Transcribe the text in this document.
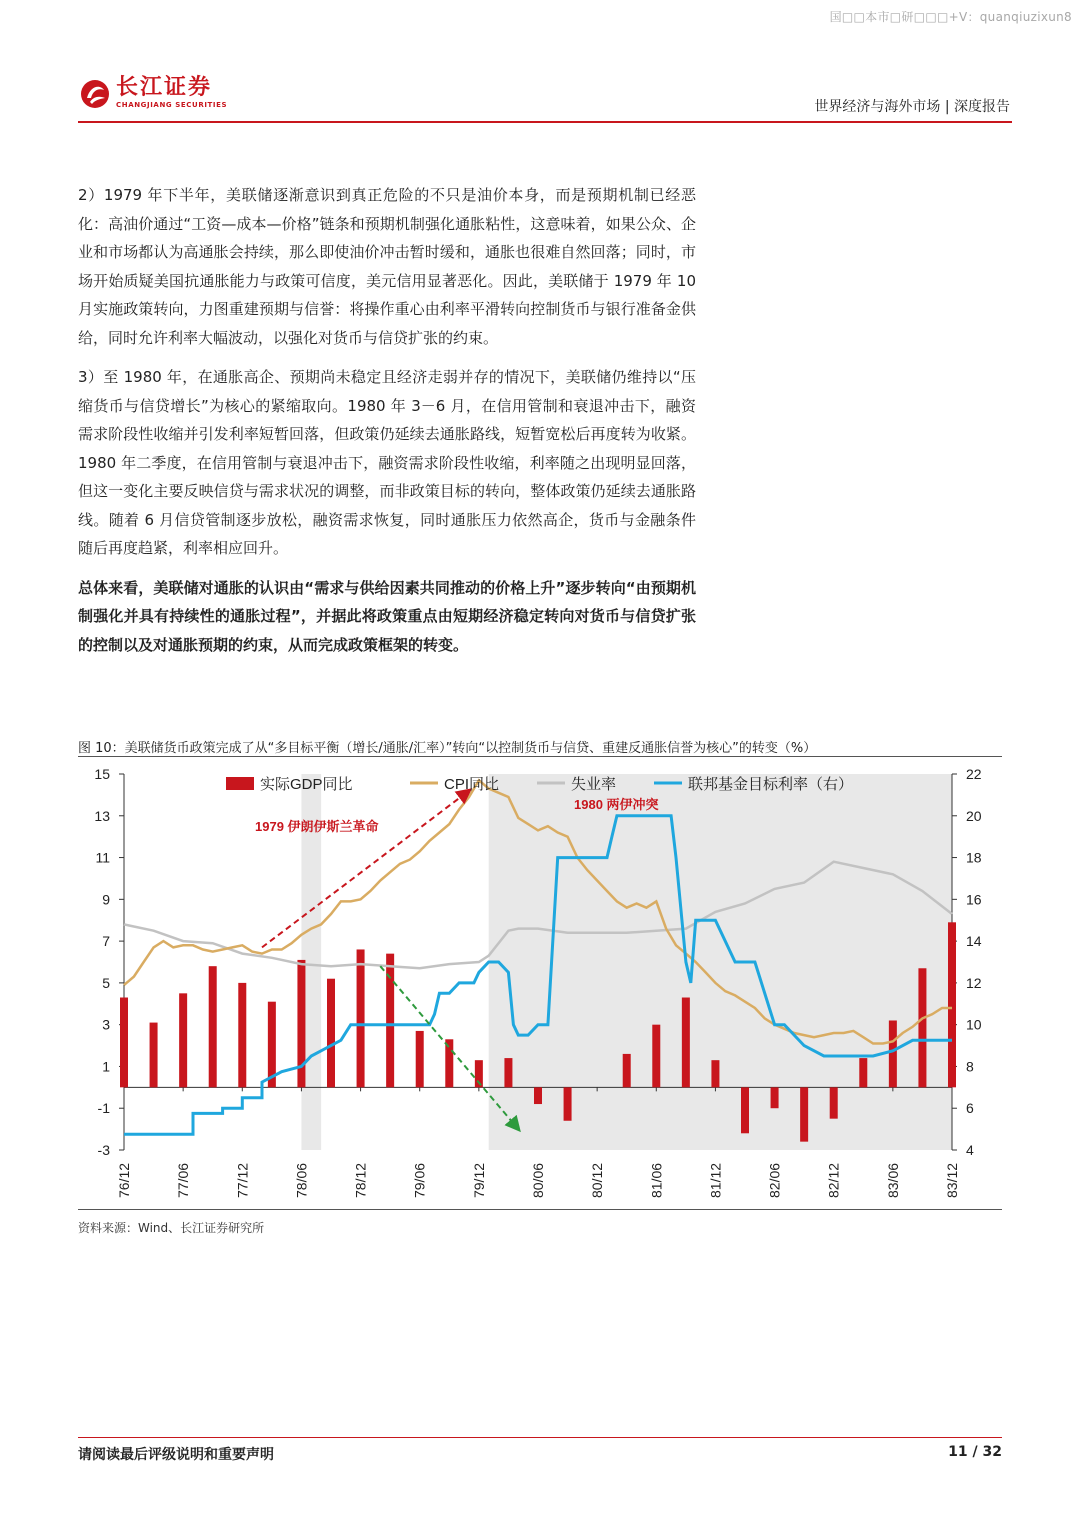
国□□本市□研□□□+V：quanqiuzixun8
长江证券
CHANGJIANG SECURITIES	世界经济与海外市场 | 深度报告

2）1979 年下半年，美联储逐渐意识到真正危险的不只是油价本身，而是预期机制已经恶化：高油价通过“工资—成本—价格”链条和预期机制强化通胀粘性，这意味着，如果公众、企业和市场都认为高通胀会持续，那么即使油价冲击暂时缓和，通胀也很难自然回落；同时，市场开始质疑美国抗通胀能力与政策可信度，美元信用显著恶化。因此，美联储于 1979 年 10 月实施政策转向，力图重建预期与信誉：将操作重心由利率平滑转向控制货币与银行准备金供给，同时允许利率大幅波动，以强化对货币与信贷扩张的约束。

3）至 1980 年，在通胀高企、预期尚未稳定且经济走弱并存的情况下，美联储仍维持以“压缩货币与信贷增长”为核心的紧缩取向。1980 年 3－6 月，在信用管制和衰退冲击下，融资需求阶段性收缩并引发利率短暂回落，但政策仍延续去通胀路线，短暂宽松后再度转为收紧。1980 年二季度，在信用管制与衰退冲击下，融资需求阶段性收缩，利率随之出现明显回落，但这一变化主要反映信贷与需求状况的调整，而非政策目标的转向，整体政策仍延续去通胀路线。随着 6 月信贷管制逐步放松，融资需求恢复，同时通胀压力依然高企，货币与金融条件随后再度趋紧，利率相应回升。

总体来看，美联储对通胀的认识由“需求与供给因素共同推动的价格上升”逐步转向“由预期机制强化并具有持续性的通胀过程”，并据此将政策重点由短期经济稳定转向对货币与信贷扩张的控制以及对通胀预期的约束，从而完成政策框架的转变。

图 10：美联储货币政策完成了从“多目标平衡（增长/通胀/汇率）”转向“以控制货币与信贷、重建反通胀信誉为核心”的转变（%）
15
13
11
9
7
5
3
1
-1
-3
22
20
18
16
14
12
10
8
6
4
76/12	77/06	77/12	78/06	78/12	79/06	79/12	80/06	80/12	81/06	81/12	82/06	82/12	83/06	83/12
1979 伊朗伊斯兰革命
1980 两伊冲突
实际GDP同比	CPI同比	失业率	联邦基金目标利率（右）
资料来源：Wind、长江证券研究所
请阅读最后评级说明和重要声明	11 / 32
